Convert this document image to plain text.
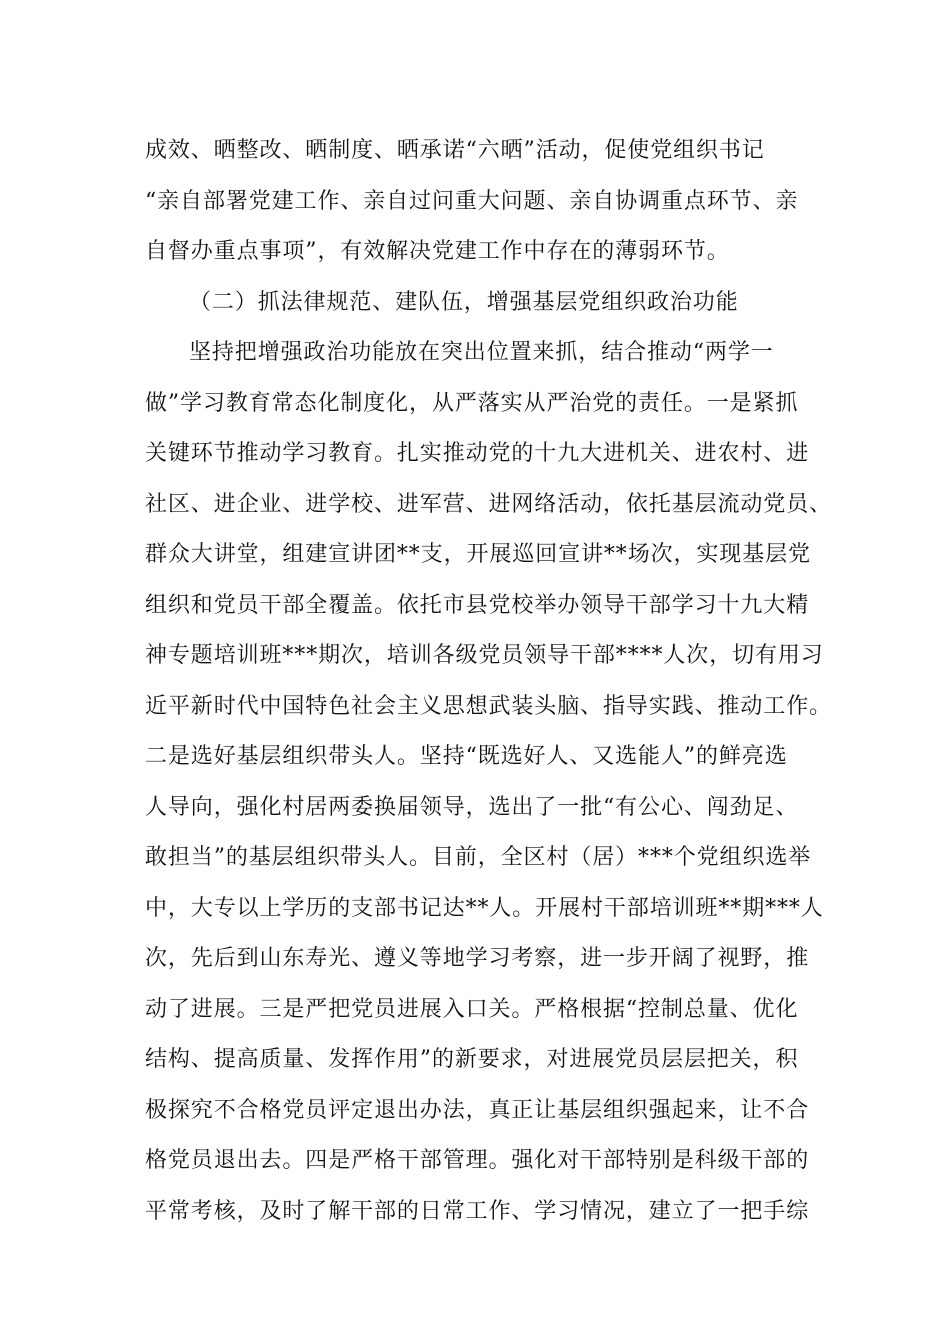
成效、晒整改、晒制度、晒承诺“六晒”活动，促使党组织书记
“亲自部署党建工作、亲自过问重大问题、亲自协调重点环节、亲
自督办重点事项”，有效解决党建工作中存在的薄弱环节。
（二）抓法律规范、建队伍，增强基层党组织政治功能
坚持把增强政治功能放在突出位置来抓，结合推动“两学一
做”学习教育常态化制度化，从严落实从严治党的责任。一是紧抓
关键环节推动学习教育。扎实推动党的十九大进机关、进农村、进
社区、进企业、进学校、进军营、进网络活动，依托基层流动党员、
群众大讲堂，组建宣讲团**支，开展巡回宣讲**场次，实现基层党
组织和党员干部全覆盖。依托市县党校举办领导干部学习十九大精
神专题培训班***期次，培训各级党员领导干部****人次，切有用习
近平新时代中国特色社会主义思想武装头脑、指导实践、推动工作。
二是选好基层组织带头人。坚持“既选好人、又选能人”的鲜亮选
人导向，强化村居两委换届领导，选出了一批“有公心、闯劲足、
敢担当”的基层组织带头人。目前，全区村（居）***个党组织选举
中，大专以上学历的支部书记达**人。开展村干部培训班**期***人
次，先后到山东寿光、遵义等地学习考察，进一步开阔了视野，推
动了进展。三是严把党员进展入口关。严格根据“控制总量、优化
结构、提高质量、发挥作用”的新要求，对进展党员层层把关，积
极探究不合格党员评定退出办法，真正让基层组织强起来，让不合
格党员退出去。四是严格干部管理。强化对干部特别是科级干部的
平常考核，及时了解干部的日常工作、学习情况，建立了一把手综
